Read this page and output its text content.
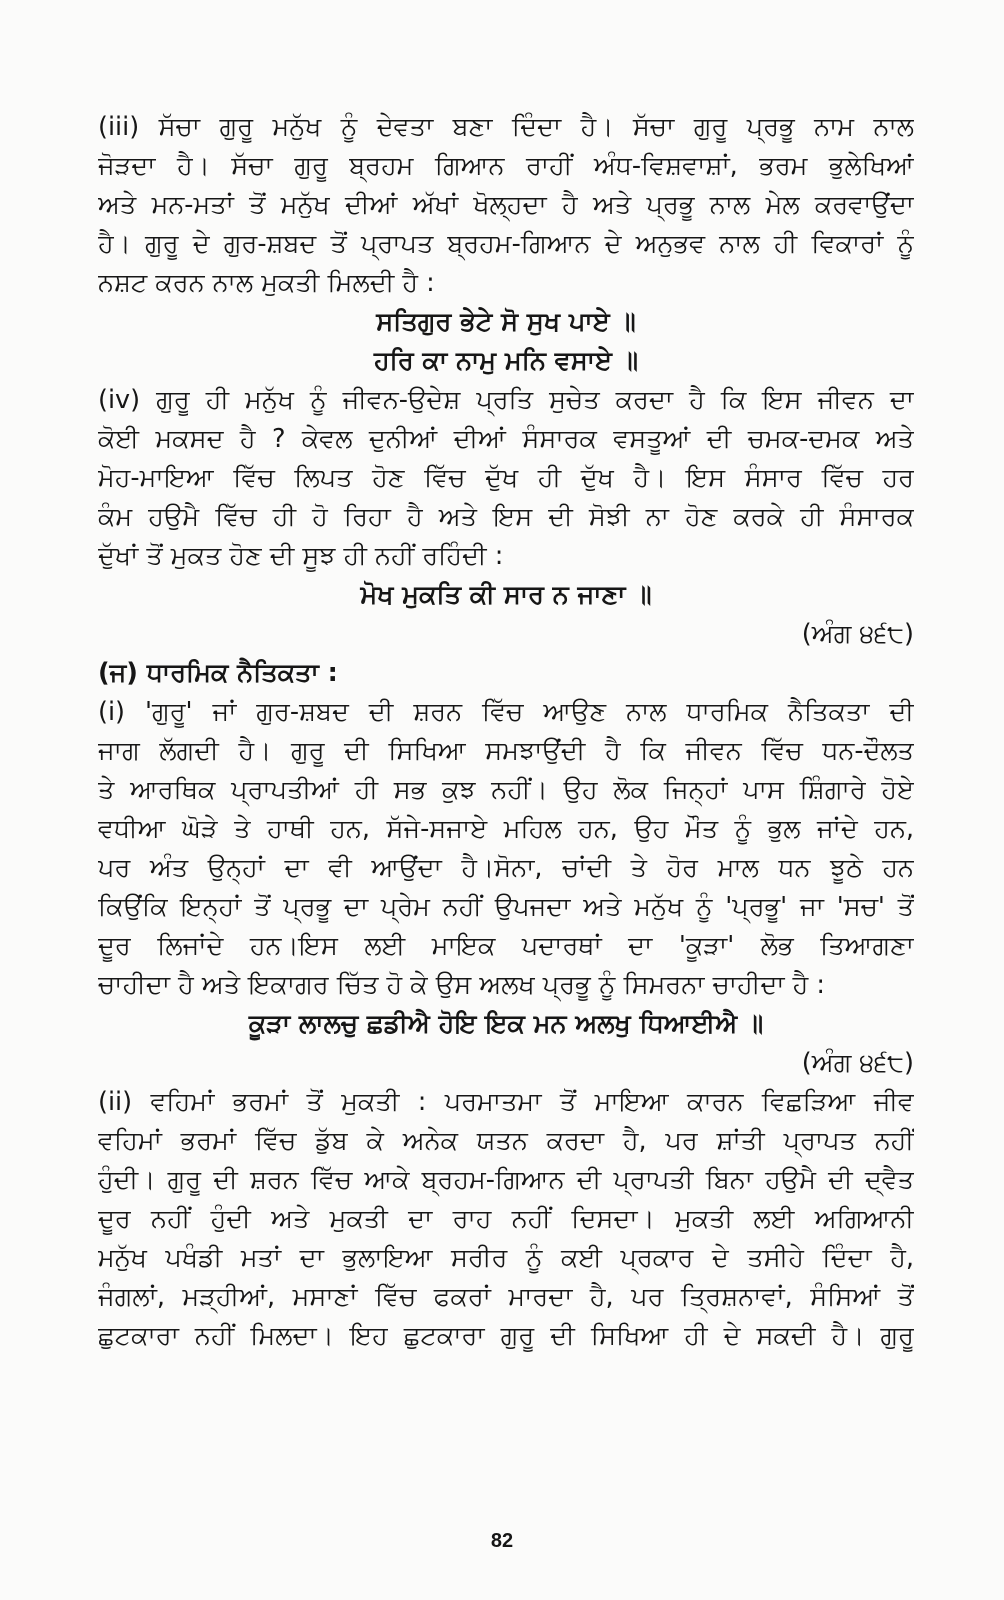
(iii) ਸੱਚਾ ਗੁਰੂ ਮਨੁੱਖ ਨੂੰ ਦੇਵਤਾ ਬਣਾ ਦਿੰਦਾ ਹੈ। ਸੱਚਾ ਗੁਰੂ ਪ੍ਰਭੂ ਨਾਮ ਨਾਲ
ਜੋੜਦਾ ਹੈ। ਸੱਚਾ ਗੁਰੂ ਬ੍ਰਹਮ ਗਿਆਨ ਰਾਹੀਂ ਅੰਧ-ਵਿਸ਼ਵਾਸ਼ਾਂ, ਭਰਮ ਭੁਲੇਖਿਆਂ
ਅਤੇ ਮਨ-ਮਤਾਂ ਤੋਂ ਮਨੁੱਖ ਦੀਆਂ ਅੱਖਾਂ ਖੋਲ੍ਹਦਾ ਹੈ ਅਤੇ ਪ੍ਰਭੂ ਨਾਲ ਮੇਲ ਕਰਵਾਉਂਦਾ
ਹੈ। ਗੁਰੂ ਦੇ ਗੁਰ-ਸ਼ਬਦ ਤੋਂ ਪ੍ਰਾਪਤ ਬ੍ਰਹਮ-ਗਿਆਨ ਦੇ ਅਨੁਭਵ ਨਾਲ ਹੀ ਵਿਕਾਰਾਂ ਨੂੰ
ਨਸ਼ਟ ਕਰਨ ਨਾਲ ਮੁਕਤੀ ਮਿਲਦੀ ਹੈ :
ਸਤਿਗੁਰ ਭੇਟੇ ਸੋ ਸੁਖ ਪਾਏ ॥
ਹਰਿ ਕਾ ਨਾਮੁ ਮਨਿ ਵਸਾਏ ॥
(iv) ਗੁਰੂ ਹੀ ਮਨੁੱਖ ਨੂੰ ਜੀਵਨ-ਉਦੇਸ਼ ਪ੍ਰਤਿ ਸੁਚੇਤ ਕਰਦਾ ਹੈ ਕਿ ਇਸ ਜੀਵਨ ਦਾ
ਕੋਈ ਮਕਸਦ ਹੈ ? ਕੇਵਲ ਦੁਨੀਆਂ ਦੀਆਂ ਸੰਸਾਰਕ ਵਸਤੂਆਂ ਦੀ ਚਮਕ-ਦਮਕ ਅਤੇ
ਮੋਹ-ਮਾਇਆ ਵਿੱਚ ਲਿਪਤ ਹੋਣ ਵਿੱਚ ਦੁੱਖ ਹੀ ਦੁੱਖ ਹੈ। ਇਸ ਸੰਸਾਰ ਵਿੱਚ ਹਰ
ਕੰਮ ਹਉਮੈ ਵਿੱਚ ਹੀ ਹੋ ਰਿਹਾ ਹੈ ਅਤੇ ਇਸ ਦੀ ਸੋਝੀ ਨਾ ਹੋਣ ਕਰਕੇ ਹੀ ਸੰਸਾਰਕ
ਦੁੱਖਾਂ ਤੋਂ ਮੁਕਤ ਹੋਣ ਦੀ ਸੂਝ ਹੀ ਨਹੀਂ ਰਹਿੰਦੀ :
ਮੋਖ ਮੁਕਤਿ ਕੀ ਸਾਰ ਨ ਜਾਣਾ ॥
(ਅੰਗ ੪੬੮)
(ਜ) ਧਾਰਮਿਕ ਨੈਤਿਕਤਾ :
(i) 'ਗੁਰੂ' ਜਾਂ ਗੁਰ-ਸ਼ਬਦ ਦੀ ਸ਼ਰਨ ਵਿੱਚ ਆਉਣ ਨਾਲ ਧਾਰਮਿਕ ਨੈਤਿਕਤਾ ਦੀ
ਜਾਗ ਲੱਗਦੀ ਹੈ। ਗੁਰੂ ਦੀ ਸਿਖਿਆ ਸਮਝਾਉਂਦੀ ਹੈ ਕਿ ਜੀਵਨ ਵਿੱਚ ਧਨ-ਦੌਲਤ
ਤੇ ਆਰਥਿਕ ਪ੍ਰਾਪਤੀਆਂ ਹੀ ਸਭ ਕੁਝ ਨਹੀਂ। ਉਹ ਲੋਕ ਜਿਨ੍ਹਾਂ ਪਾਸ ਸ਼ਿੰਗਾਰੇ ਹੋਏ
ਵਧੀਆ ਘੋੜੇ ਤੇ ਹਾਥੀ ਹਨ, ਸੱਜੇ-ਸਜਾਏ ਮਹਿਲ ਹਨ, ਉਹ ਮੌਤ ਨੂੰ ਭੁਲ ਜਾਂਦੇ ਹਨ,
ਪਰ ਅੰਤ ਉਨ੍ਹਾਂ ਦਾ ਵੀ ਆਉਂਦਾ ਹੈ।ਸੋਨਾ, ਚਾਂਦੀ ਤੇ ਹੋਰ ਮਾਲ ਧਨ ਝੂਠੇ ਹਨ
ਕਿਉਂਕਿ ਇਨ੍ਹਾਂ ਤੋਂ ਪ੍ਰਭੂ ਦਾ ਪ੍ਰੇਮ ਨਹੀਂ ਉਪਜਦਾ ਅਤੇ ਮਨੁੱਖ ਨੂੰ 'ਪ੍ਰਭੂ' ਜਾ 'ਸਚ' ਤੋਂ
ਦੂਰ ਲਿਜਾਂਦੇ ਹਨ।ਇਸ ਲਈ ਮਾਇਕ ਪਦਾਰਥਾਂ ਦਾ 'ਕੂੜਾ' ਲੋਭ ਤਿਆਗਣਾ
ਚਾਹੀਦਾ ਹੈ ਅਤੇ ਇਕਾਗਰ ਚਿੱਤ ਹੋ ਕੇ ਉਸ ਅਲਖ ਪ੍ਰਭੂ ਨੂੰ ਸਿਮਰਨਾ ਚਾਹੀਦਾ ਹੈ :
ਕੂੜਾ ਲਾਲਚੁ ਛਡੀਐ ਹੋਇ ਇਕ ਮਨ ਅਲਖੁ ਧਿਆਈਐ ॥
(ਅੰਗ ੪੬੮)
(ii) ਵਹਿਮਾਂ ਭਰਮਾਂ ਤੋਂ ਮੁਕਤੀ : ਪਰਮਾਤਮਾ ਤੋਂ ਮਾਇਆ ਕਾਰਨ ਵਿਛੜਿਆ ਜੀਵ
ਵਹਿਮਾਂ ਭਰਮਾਂ ਵਿੱਚ ਡੁੱਬ ਕੇ ਅਨੇਕ ਯਤਨ ਕਰਦਾ ਹੈ, ਪਰ ਸ਼ਾਂਤੀ ਪ੍ਰਾਪਤ ਨਹੀਂ
ਹੁੰਦੀ। ਗੁਰੂ ਦੀ ਸ਼ਰਨ ਵਿੱਚ ਆਕੇ ਬ੍ਰਹਮ-ਗਿਆਨ ਦੀ ਪ੍ਰਾਪਤੀ ਬਿਨਾ ਹਉਮੈ ਦੀ ਦ੍ਵੈਤ
ਦੂਰ ਨਹੀਂ ਹੁੰਦੀ ਅਤੇ ਮੁਕਤੀ ਦਾ ਰਾਹ ਨਹੀਂ ਦਿਸਦਾ। ਮੁਕਤੀ ਲਈ ਅਗਿਆਨੀ
ਮਨੁੱਖ ਪਖੰਡੀ ਮਤਾਂ ਦਾ ਭੁਲਾਇਆ ਸਰੀਰ ਨੂੰ ਕਈ ਪ੍ਰਕਾਰ ਦੇ ਤਸੀਹੇ ਦਿੰਦਾ ਹੈ,
ਜੰਗਲਾਂ, ਮੜ੍ਹੀਆਂ, ਮਸਾਣਾਂ ਵਿੱਚ ਫਕਰਾਂ ਮਾਰਦਾ ਹੈ, ਪਰ ਤ੍ਰਿਸ਼ਨਾਵਾਂ, ਸੰਸਿਆਂ ਤੋਂ
ਛੁਟਕਾਰਾ ਨਹੀਂ ਮਿਲਦਾ। ਇਹ ਛੁਟਕਾਰਾ ਗੁਰੂ ਦੀ ਸਿਖਿਆ ਹੀ ਦੇ ਸਕਦੀ ਹੈ। ਗੁਰੂ
82
